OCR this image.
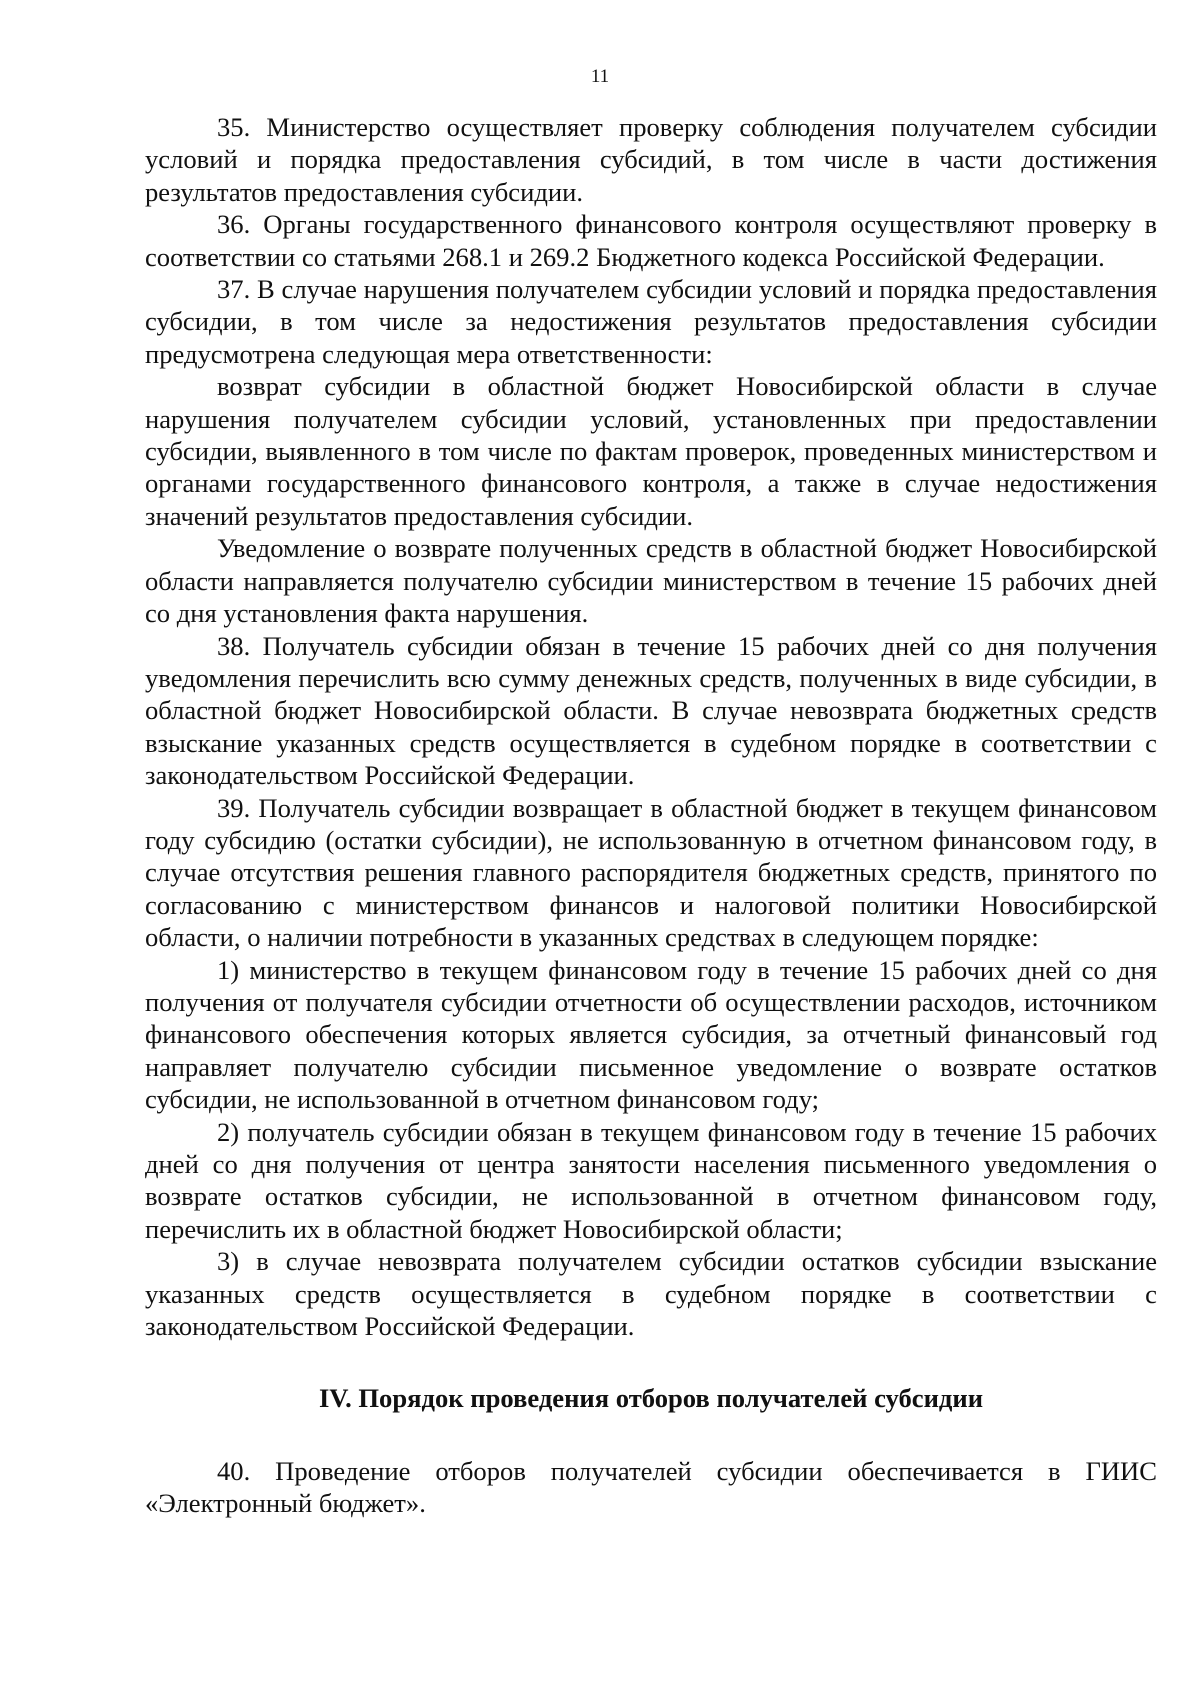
11

35. Министерство осуществляет проверку соблюдения получателем субсидии условий и порядка предоставления субсидий, в том числе в части достижения результатов предоставления субсидии.

36. Органы государственного финансового контроля осуществляют проверку в соответствии со статьями 268.1 и 269.2 Бюджетного кодекса Российской Федерации.

37. В случае нарушения получателем субсидии условий и порядка предоставления субсидии, в том числе за недостижения результатов предоставления субсидии предусмотрена следующая мера ответственности:

возврат субсидии в областной бюджет Новосибирской области в случае нарушения получателем субсидии условий, установленных при предоставлении субсидии, выявленного в том числе по фактам проверок, проведенных министерством и органами государственного финансового контроля, а также в случае недостижения значений результатов предоставления субсидии.

Уведомление о возврате полученных средств в областной бюджет Новосибирской области направляется получателю субсидии министерством в течение 15 рабочих дней со дня установления факта нарушения.

38. Получатель субсидии обязан в течение 15 рабочих дней со дня получения уведомления перечислить всю сумму денежных средств, полученных в виде субсидии, в областной бюджет Новосибирской области. В случае невозврата бюджетных средств взыскание указанных средств осуществляется в судебном порядке в соответствии с законодательством Российской Федерации.

39. Получатель субсидии возвращает в областной бюджет в текущем финансовом году субсидию (остатки субсидии), не использованную в отчетном финансовом году, в случае отсутствия решения главного распорядителя бюджетных средств, принятого по согласованию с министерством финансов и налоговой политики Новосибирской области, о наличии потребности в указанных средствах в следующем порядке:

1) министерство в текущем финансовом году в течение 15 рабочих дней со дня получения от получателя субсидии отчетности об осуществлении расходов, источником финансового обеспечения которых является субсидия, за отчетный финансовый год направляет получателю субсидии письменное уведомление о возврате остатков субсидии, не использованной в отчетном финансовом году;

2) получатель субсидии обязан в текущем финансовом году в течение 15 рабочих дней со дня получения от центра занятости населения письменного уведомления о возврате остатков субсидии, не использованной в отчетном финансовом году, перечислить их в областной бюджет Новосибирской области;

3) в случае невозврата получателем субсидии остатков субсидии взыскание указанных средств осуществляется в судебном порядке в соответствии с законодательством Российской Федерации.

IV. Порядок проведения отборов получателей субсидии

40. Проведение отборов получателей субсидии обеспечивается в ГИИС «Электронный бюджет».
